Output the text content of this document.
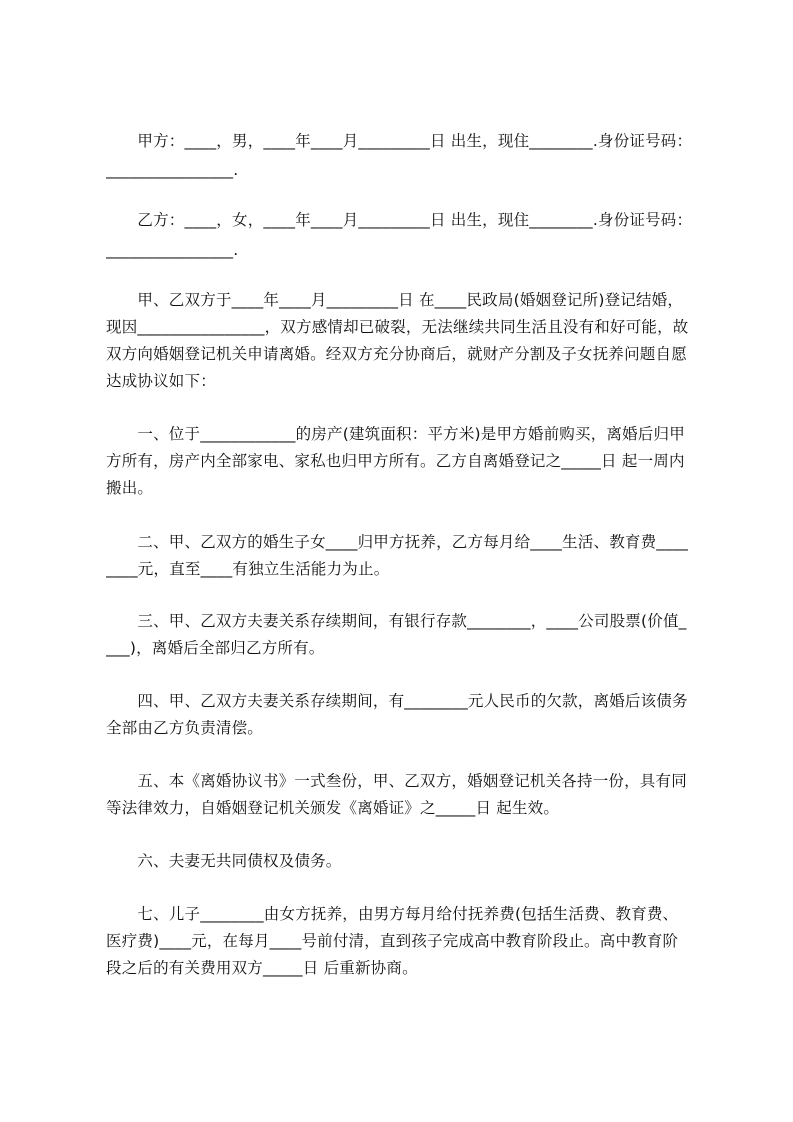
　　甲方：____，男，____年____月_________日 出生，现住________.身份证号码：
________________.
　　乙方：____，女，____年____月_________日 出生，现住________.身份证号码：
________________.
　　甲、乙双方于____年____月_________日 在____民政局(婚姻登记所)登记结婚，
现因________________，双方感情却已破裂，无法继续共同生活且没有和好可能，故
双方向婚姻登记机关申请离婚。经双方充分协商后，就财产分割及子女抚养问题自愿
达成协议如下：
　　一、位于____________的房产(建筑面积：平方米)是甲方婚前购买，离婚后归甲
方所有，房产内全部家电、家私也归甲方所有。乙方自离婚登记之_____日 起一周内
搬出。
　　二、甲、乙双方的婚生子女____归甲方抚养，乙方每月给____生活、教育费____
____元，直至____有独立生活能力为止。
　　三、甲、乙双方夫妻关系存续期间，有银行存款________，____公司股票(价值_
___)，离婚后全部归乙方所有。
　　四、甲、乙双方夫妻关系存续期间，有________元人民币的欠款，离婚后该债务
全部由乙方负责清偿。
　　五、本《离婚协议书》一式叁份，甲、乙双方，婚姻登记机关各持一份，具有同
等法律效力，自婚姻登记机关颁发《离婚证》之_____日 起生效。
　　六、夫妻无共同债权及债务。
　　七、儿子________由女方抚养，由男方每月给付抚养费(包括生活费、教育费、
医疗费)____元，在每月____号前付清，直到孩子完成高中教育阶段止。高中教育阶
段之后的有关费用双方_____日 后重新协商。
